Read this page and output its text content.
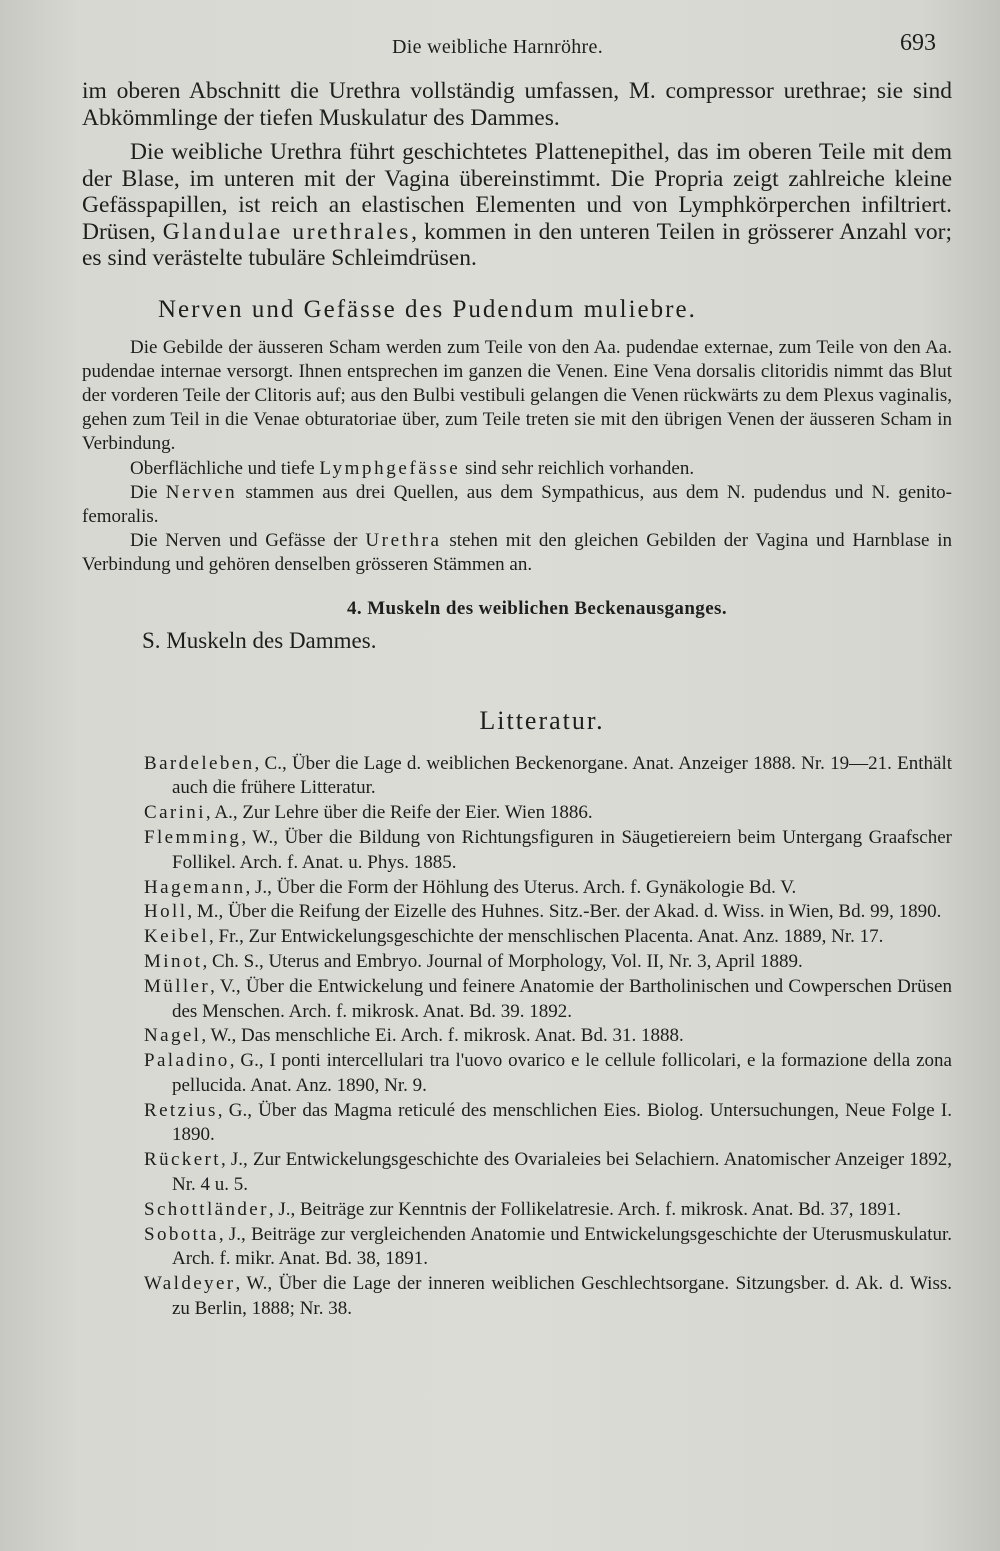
Die weibliche Harnröhre.	693

im oberen Abschnitt die Urethra vollständig umfassen, M. compressor urethrae; sie sind Abkömmlinge der tiefen Muskulatur des Dammes.

Die weibliche Urethra führt geschichtetes Plattenepithel, das im oberen Teile mit dem der Blase, im unteren mit der Vagina übereinstimmt. Die Propria zeigt zahlreiche kleine Gefässpapillen, ist reich an elastischen Elementen und von Lymphkörperchen infiltriert. Drüsen, Glandulae urethrales, kommen in den unteren Teilen in grösserer Anzahl vor; es sind verästelte tubuläre Schleimdrüsen.

Nerven und Gefässe des Pudendum muliebre.

Die Gebilde der äusseren Scham werden zum Teile von den Aa. pudendae externae, zum Teile von den Aa. pudendae internae versorgt. Ihnen entsprechen im ganzen die Venen. Eine Vena dorsalis clitoridis nimmt das Blut der vorderen Teile der Clitoris auf; aus den Bulbi vestibuli gelangen die Venen rückwärts zu dem Plexus vaginalis, gehen zum Teil in die Venae obturatoriae über, zum Teile treten sie mit den übrigen Venen der äusseren Scham in Verbindung.

Oberflächliche und tiefe Lymphgefässe sind sehr reichlich vorhanden.

Die Nerven stammen aus drei Quellen, aus dem Sympathicus, aus dem N. pudendus und N. genito-femoralis.

Die Nerven und Gefässe der Urethra stehen mit den gleichen Gebilden der Vagina und Harnblase in Verbindung und gehören denselben grösseren Stämmen an.

4. Muskeln des weiblichen Beckenausganges.
S. Muskeln des Dammes.
Litteratur.
Bardeleben, C., Über die Lage d. weiblichen Beckenorgane. Anat. Anzeiger 1888. Nr. 19—21. Enthält auch die frühere Litteratur.
Carini, A., Zur Lehre über die Reife der Eier. Wien 1886.
Flemming, W., Über die Bildung von Richtungsfiguren in Säugetiereiern beim Untergang Graafscher Follikel. Arch. f. Anat. u. Phys. 1885.
Hagemann, J., Über die Form der Höhlung des Uterus. Arch. f. Gynäkologie Bd. V.
Holl, M., Über die Reifung der Eizelle des Huhnes. Sitz.-Ber. der Akad. d. Wiss. in Wien, Bd. 99, 1890.
Keibel, Fr., Zur Entwickelungsgeschichte der menschlischen Placenta. Anat. Anz. 1889, Nr. 17.
Minot, Ch. S., Uterus and Embryo. Journal of Morphology, Vol. II, Nr. 3, April 1889.
Müller, V., Über die Entwickelung und feinere Anatomie der Bartholinischen und Cowperschen Drüsen des Menschen. Arch. f. mikrosk. Anat. Bd. 39. 1892.
Nagel, W., Das menschliche Ei. Arch. f. mikrosk. Anat. Bd. 31. 1888.
Paladino, G., I ponti intercellulari tra l'uovo ovarico e le cellule follicolari, e la formazione della zona pellucida. Anat. Anz. 1890, Nr. 9.
Retzius, G., Über das Magma reticulé des menschlichen Eies. Biolog. Untersuchungen, Neue Folge I. 1890.
Rückert, J., Zur Entwickelungsgeschichte des Ovarialeies bei Selachiern. Anatomischer Anzeiger 1892, Nr. 4 u. 5.
Schottländer, J., Beiträge zur Kenntnis der Follikelatresie. Arch. f. mikrosk. Anat. Bd. 37, 1891.
Sobotta, J., Beiträge zur vergleichenden Anatomie und Entwickelungsgeschichte der Uterusmuskulatur. Arch. f. mikr. Anat. Bd. 38, 1891.
Waldeyer, W., Über die Lage der inneren weiblichen Geschlechtsorgane. Sitzungsber. d. Ak. d. Wiss. zu Berlin, 1888; Nr. 38.
